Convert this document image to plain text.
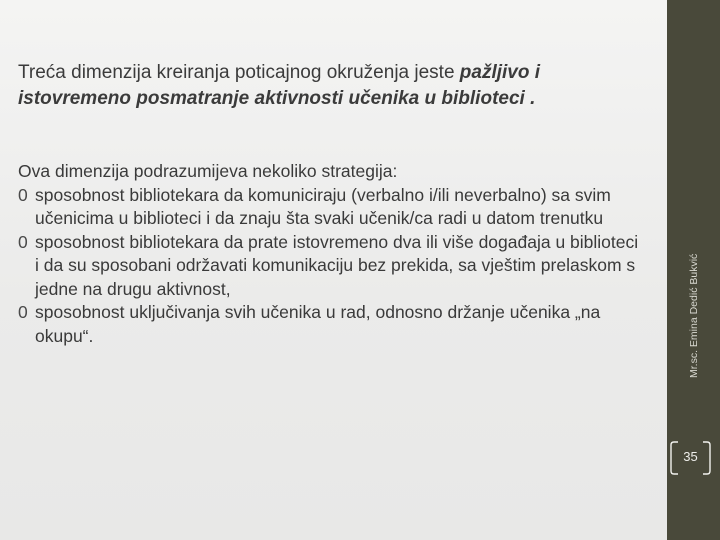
Treća dimenzija kreiranja poticajnog okruženja jeste pažljivo i istovremeno posmatranje aktivnosti učenika u biblioteci .

Ova dimenzija podrazumijeva nekoliko strategija:

0 sposobnost bibliotekara da komuniciraju (verbalno i/ili neverbalno) sa svim učenicima u biblioteci i da znaju šta svaki učenik/ca radi u datom trenutku
0 sposobnost bibliotekara da prate istovremeno dva ili više događaja u biblioteci i da su sposobani održavati komunikaciju bez prekida, sa vještim prelaskom s jedne na drugu aktivnost,
0 sposobnost uključivanja svih učenika u rad, odnosno držanje učenika „na okupu“.	Mr.sc. Emina Dedić Bukvić

35
